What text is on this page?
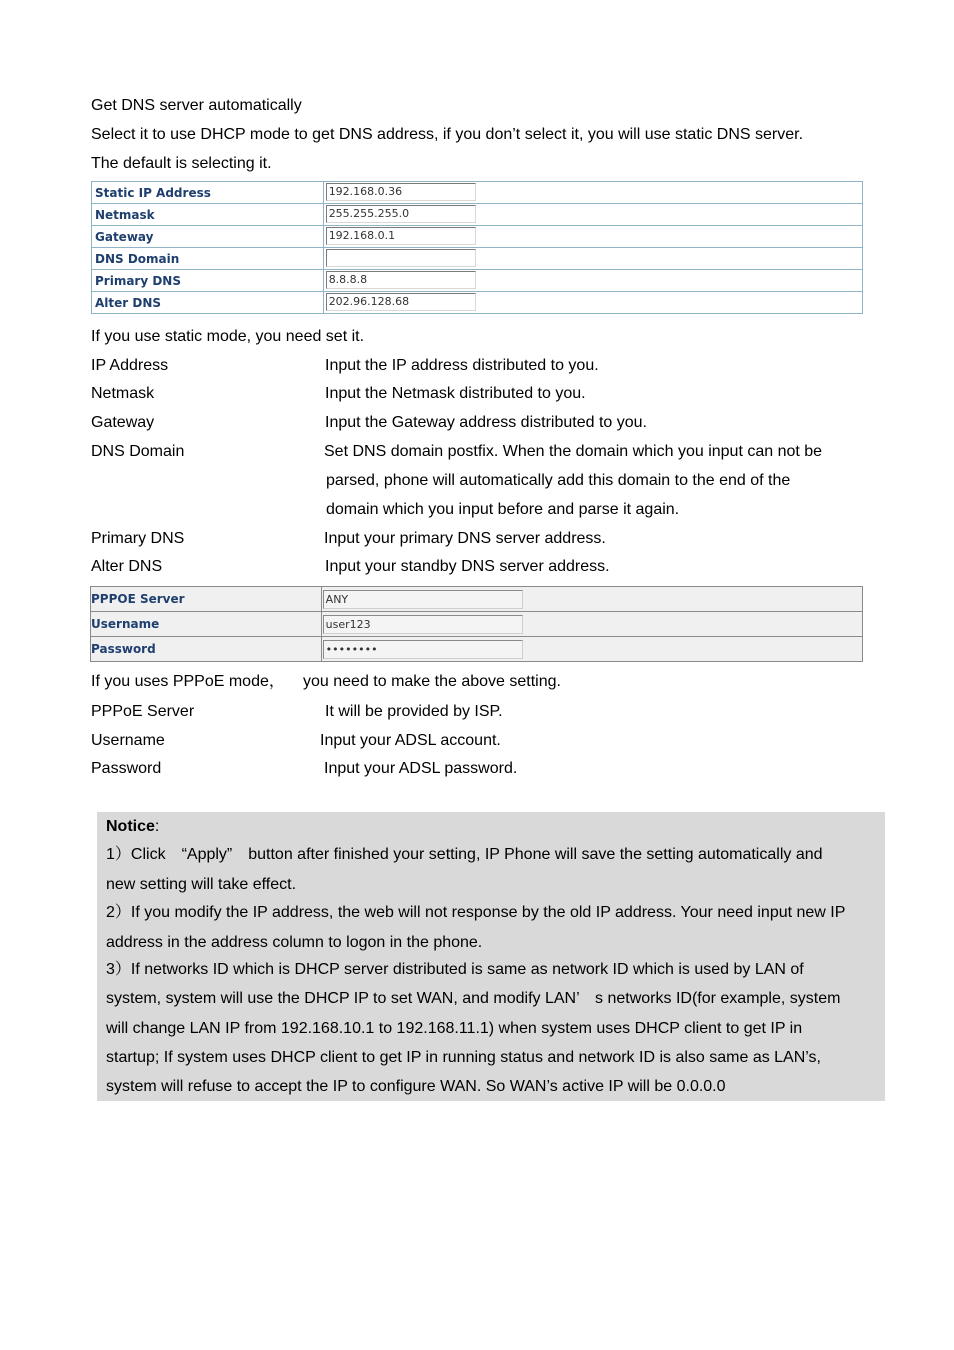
Get DNS server automatically
Select it to use DHCP mode to get DNS address, if you don’t select it, you will use static DNS server.
The default is selecting it.
Static IP Address	192.168.0.36
Netmask	255.255.255.0
Gateway	192.168.0.1
DNS Domain	
Primary DNS	8.8.8.8
Alter DNS	202.96.128.68
If you use static mode, you need set it.
IP Address	Input the IP address distributed to you.
Netmask	Input the Netmask distributed to you.
Gateway	Input the Gateway address distributed to you.
DNS Domain	Set DNS domain postfix. When the domain which you input can not be
parsed, phone will automatically add this domain to the end of the
domain which you input before and parse it again.
Primary DNS	Input your primary DNS server address.
Alter DNS	Input your standby DNS server address.
PPPOE Server	ANY
Username	user123
Password	••••••••
If you uses PPPoE mode， you need to make the above setting.
PPPoE Server	It will be provided by ISP.
Username	Input your ADSL account.
Password	Input your ADSL password.
Notice:
1）Click　“Apply”　button after finished your setting, IP Phone will save the setting automatically and
new setting will take effect.
2）If you modify the IP address, the web will not response by the old IP address. Your need input new IP
address in the address column to logon in the phone.
3）If networks ID which is DHCP server distributed is same as network ID which is used by LAN of
system, system will use the DHCP IP to set WAN, and modify LAN’　s networks ID(for example, system
will change LAN IP from 192.168.10.1 to 192.168.11.1) when system uses DHCP client to get IP in
startup; If system uses DHCP client to get IP in running status and network ID is also same as LAN’s,
system will refuse to accept the IP to configure WAN. So WAN’s active IP will be 0.0.0.0
